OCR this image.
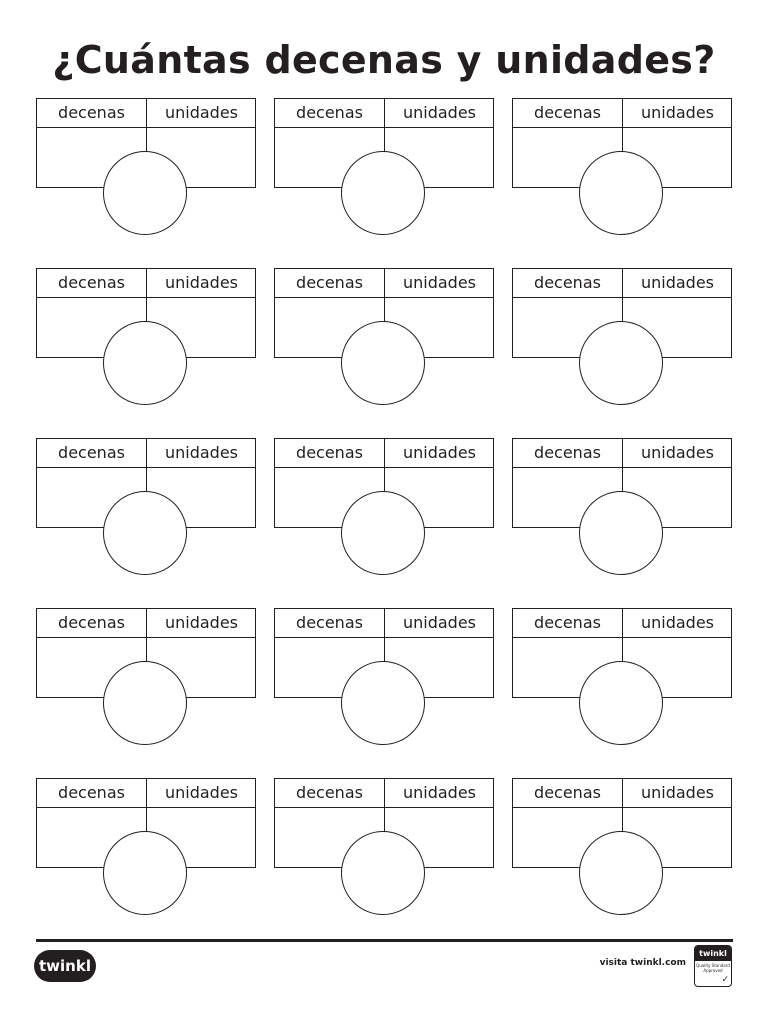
¿Cuántas decenas y unidades?
decenas	unidades	decenas	unidades	decenas	unidades
decenas	unidades	decenas	unidades	decenas	unidades
decenas	unidades	decenas	unidades	decenas	unidades
decenas	unidades	decenas	unidades	decenas	unidades
decenas	unidades	decenas	unidades	decenas	unidades
twinkl	visita twinkl.com
twinkl
Quality Standard Approved
✓
